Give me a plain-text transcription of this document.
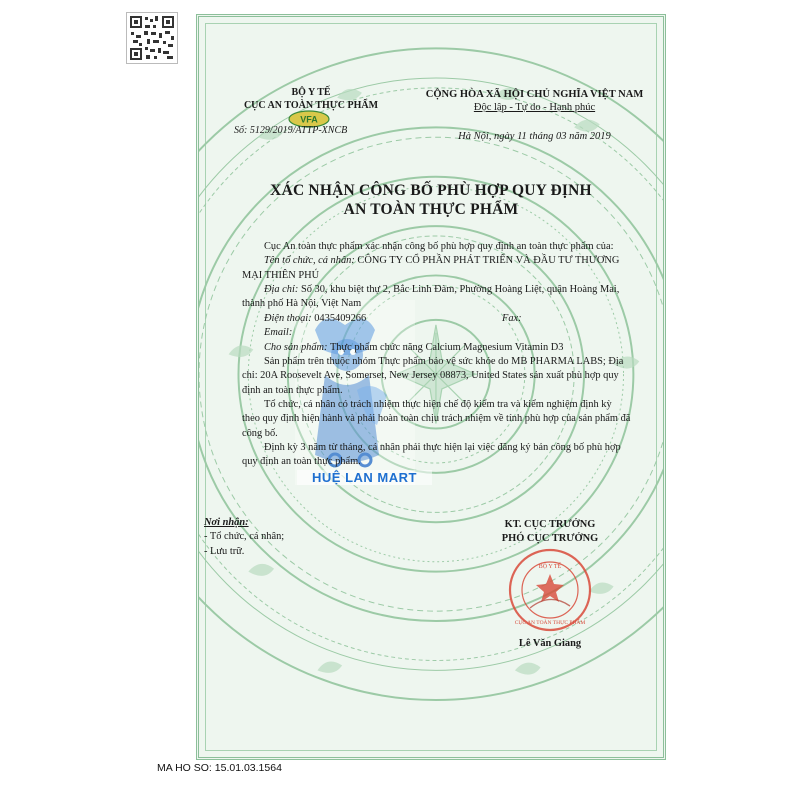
BỘ Y TẾ
CỤC AN TOÀN THỰC PHẨM
VFA
Số: 5129/2019/ATTP-XNCB
CỘNG HÒA XÃ HỘI CHỦ NGHĨA VIỆT NAM
Độc lập - Tự do - Hạnh phúc
Hà Nội, ngày 11 tháng 03 năm 2019
XÁC NHẬN CÔNG BỐ PHÙ HỢP QUY ĐỊNH
AN TOÀN THỰC PHẨM
Cục An toàn thực phẩm xác nhận công bố phù hợp quy định an toàn thực phẩm của:
Tên tổ chức, cá nhân: CÔNG TY CỔ PHẦN PHÁT TRIỂN VÀ ĐẦU TƯ THƯƠNG
MẠI THIÊN PHÚ
Địa chỉ: Số 30, khu biệt thự 2, Bắc Linh Đàm, Phường Hoàng Liệt, quận Hoàng Mai,
thành phố Hà Nội, Việt Nam
Điện thoại: 0435409266	Fax:
Email:
Cho sản phẩm: Thực phẩm chức năng Calcium Magnesium Vitamin D3
Sản phẩm trên thuộc nhóm Thực phẩm bảo vệ sức khỏe do MB PHARMA LABS; Địa
chỉ: 20A Roosevelt Ave, Somerset, New Jersey 08873, United States sản xuất phù hợp quy
định an toàn thực phẩm.
Tổ chức, cá nhân có trách nhiệm thực hiện chế độ kiểm tra và kiểm nghiệm định kỳ
theo quy định hiện hành và phải hoàn toàn chịu trách nhiệm về tính phù hợp của sản phẩm đã
công bố.
Định kỳ 3 năm từ tháng, cá nhân phải thực hiện lại việc đăng ký bản công bố phù hợp
quy định an toàn thực phẩm.
Nơi nhận:
- Tổ chức, cá nhân;
- Lưu trữ.
KT. CỤC TRƯỞNG
PHÓ CỤC TRƯỞNG
BỘ Y TẾ
CỤC AN TOÀN THỰC PHẨM
Lê Văn Giang
HUỆ LAN MART
MA HO SO: 15.01.03.1564
